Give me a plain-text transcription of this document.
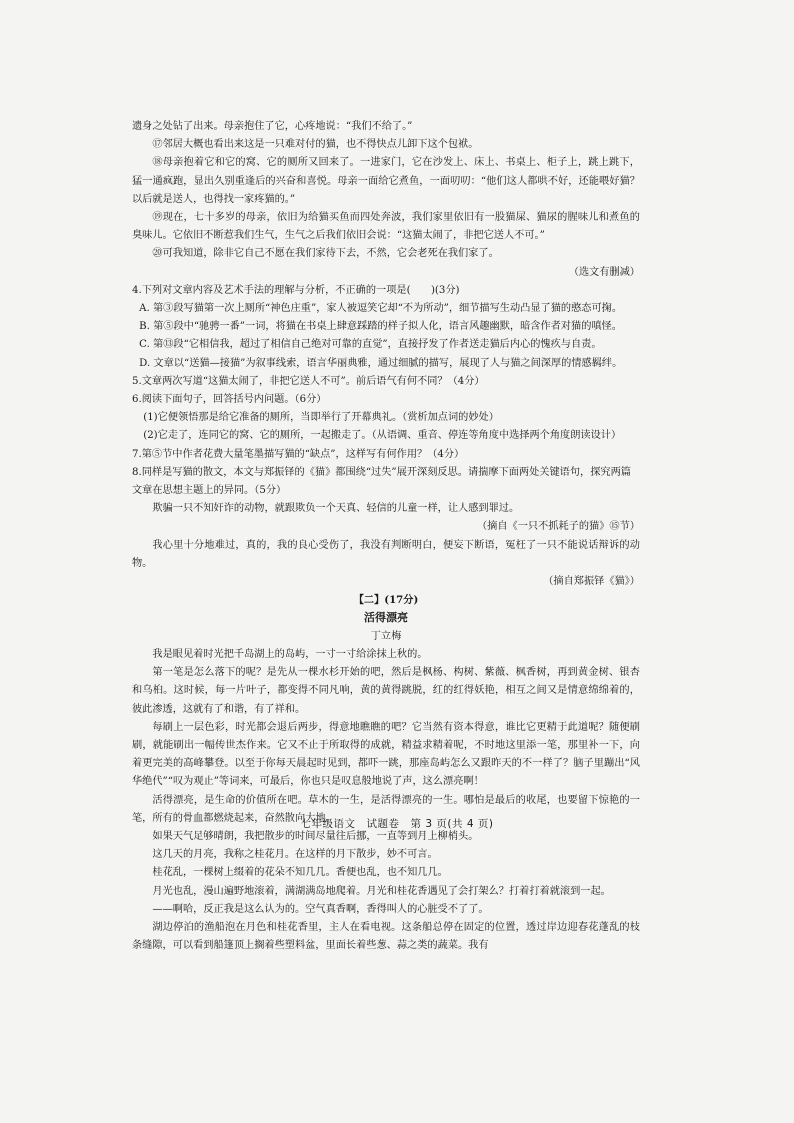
遗身之处钻了出来。母亲抱住了它，心疼地说：“我们不给了。”

⑰邻居大概也看出来这是一只难对付的猫，也不得快点儿卸下这个包袱。

⑱母亲抱着它和它的窝、它的厕所又回来了。一进家门，它在沙发上、床上、书桌上、柜子上，跳上跳下，猛一通疯跑，显出久别重逢后的兴奋和喜悦。母亲一面给它煮鱼，一面叨叨：“他们这人都哄不好，还能喂好猫？以后就是送人，也得找一家疼猫的。”

⑲现在，七十多岁的母亲，依旧为给猫买鱼而四处奔波，我们家里依旧有一股猫屎、猫尿的腥味儿和煮鱼的臭味儿。它依旧不断惹我们生气，生气之后我们依旧会说：“这猫太闹了，非把它送人不可。”

⑳可我知道，除非它自己不愿在我们家待下去，不然，它会老死在我们家了。

（选文有删减）

4.下列对文章内容及艺术手法的理解与分析，不正确的一项是(　　)(3分)

A. 第③段写猫第一次上厕所“神色庄重”，家人被逗笑它却“不为所动”，细节描写生动凸显了猫的憨态可掬。

B. 第⑤段中“驰骋一番”一词，将猫在书桌上肆意踩踏的样子拟人化，语言风趣幽默，暗含作者对猫的嗔怪。

C. 第⑬段“它相信我，超过了相信自己绝对可靠的直觉”，直接抒发了作者送走猫后内心的愧疚与自责。

D. 文章以“送猫—接猫”为叙事线索，语言华丽典雅，通过细腻的描写，展现了人与猫之间深厚的情感羁绊。

5.文章两次写道“这猫太闹了，非把它送人不可”。前后语气有何不同？（4分）

6.阅读下面句子，回答括号内问题。（6分）

(1)它便领悟那是给它准备的厕所，当即举行了开幕典礼。（赏析加点词的妙处）

(2)它走了，连同它的窝、它的厕所，一起搬走了。（从语调、重音、停连等角度中选择两个角度朗读设计）

7.第⑤节中作者花费大量笔墨描写猫的“缺点”，这样写有何作用？（4分）

8.同样是写猫的散文，本文与郑振铎的《猫》都围绕“过失”展开深刻反思。请揣摩下面两处关键语句，探究两篇文章在思想主题上的异同。（5分）

欺骗一只不知奸诈的动物，就跟欺负一个天真、轻信的儿童一样，让人感到罪过。

（摘自《一只不抓耗子的猫》⑮节）

我心里十分地难过，真的，我的良心受伤了，我没有判断明白，便妄下断语，冤枉了一只不能说话辩诉的动物。

（摘自郑振铎《猫》）

【二】(17分)

活得漂亮

丁立梅

我是眼见着时光把千岛湖上的岛屿，一寸一寸给涂抹上秋的。

第一笔是怎么落下的呢？是先从一棵水杉开始的吧，然后是枫杨、构树、紫薇、枫香树，再到黄金树、银杏和乌桕。这时候，每一片叶子，都变得不同凡响，黄的黄得跳脱，红的红得妖艳，相互之间又是情意绵绵着的，彼此渗透，这就有了和谐，有了祥和。

每刷上一层色彩，时光都会退后两步，得意地瞧瞧的吧？它当然有资本得意，谁比它更精于此道呢？随便刷刷，就能刷出一幅传世杰作来。它又不止于所取得的成就，精益求精着呢，不时地这里添一笔，那里补一下，向着更完美的高峰攀登。以至于你每天晨起时见到，都吓一跳，那座岛屿怎么又跟昨天的不一样了？脑子里蹦出“风华绝代”“叹为观止”等词来，可最后，你也只是叹息般地说了声，这么漂亮啊！

活得漂亮，是生命的价值所在吧。草木的一生，是活得漂亮的一生。哪怕是最后的收尾，也要留下惊艳的一笔，所有的骨血都燃烧起来，奋然散向大地。

如果天气足够晴朗，我把散步的时间尽量往后挪，一直等到月上柳梢头。

这几天的月亮，我称之桂花月。在这样的月下散步，妙不可言。

桂花乱，一棵树上缀着的花朵不知几几。香便也乱，也不知几几。

月光也乱，漫山遍野地滚着，满湖满岛地爬着。月光和桂花香遇见了会打架么？打着打着就滚到一起。

——啊哈，反正我是这么认为的。空气真香啊，香得叫人的心脏受不了了。

湖边停泊的渔船泡在月色和桂花香里，主人在看电视。这条船总停在固定的位置，透过岸边迎春花蓬乱的枝条缝隙，可以看到船篷顶上搁着些塑料盆，里面长着些葱、蒜之类的蔬菜。我有

七年级语文　试题卷　第 3 页(共 4 页)
